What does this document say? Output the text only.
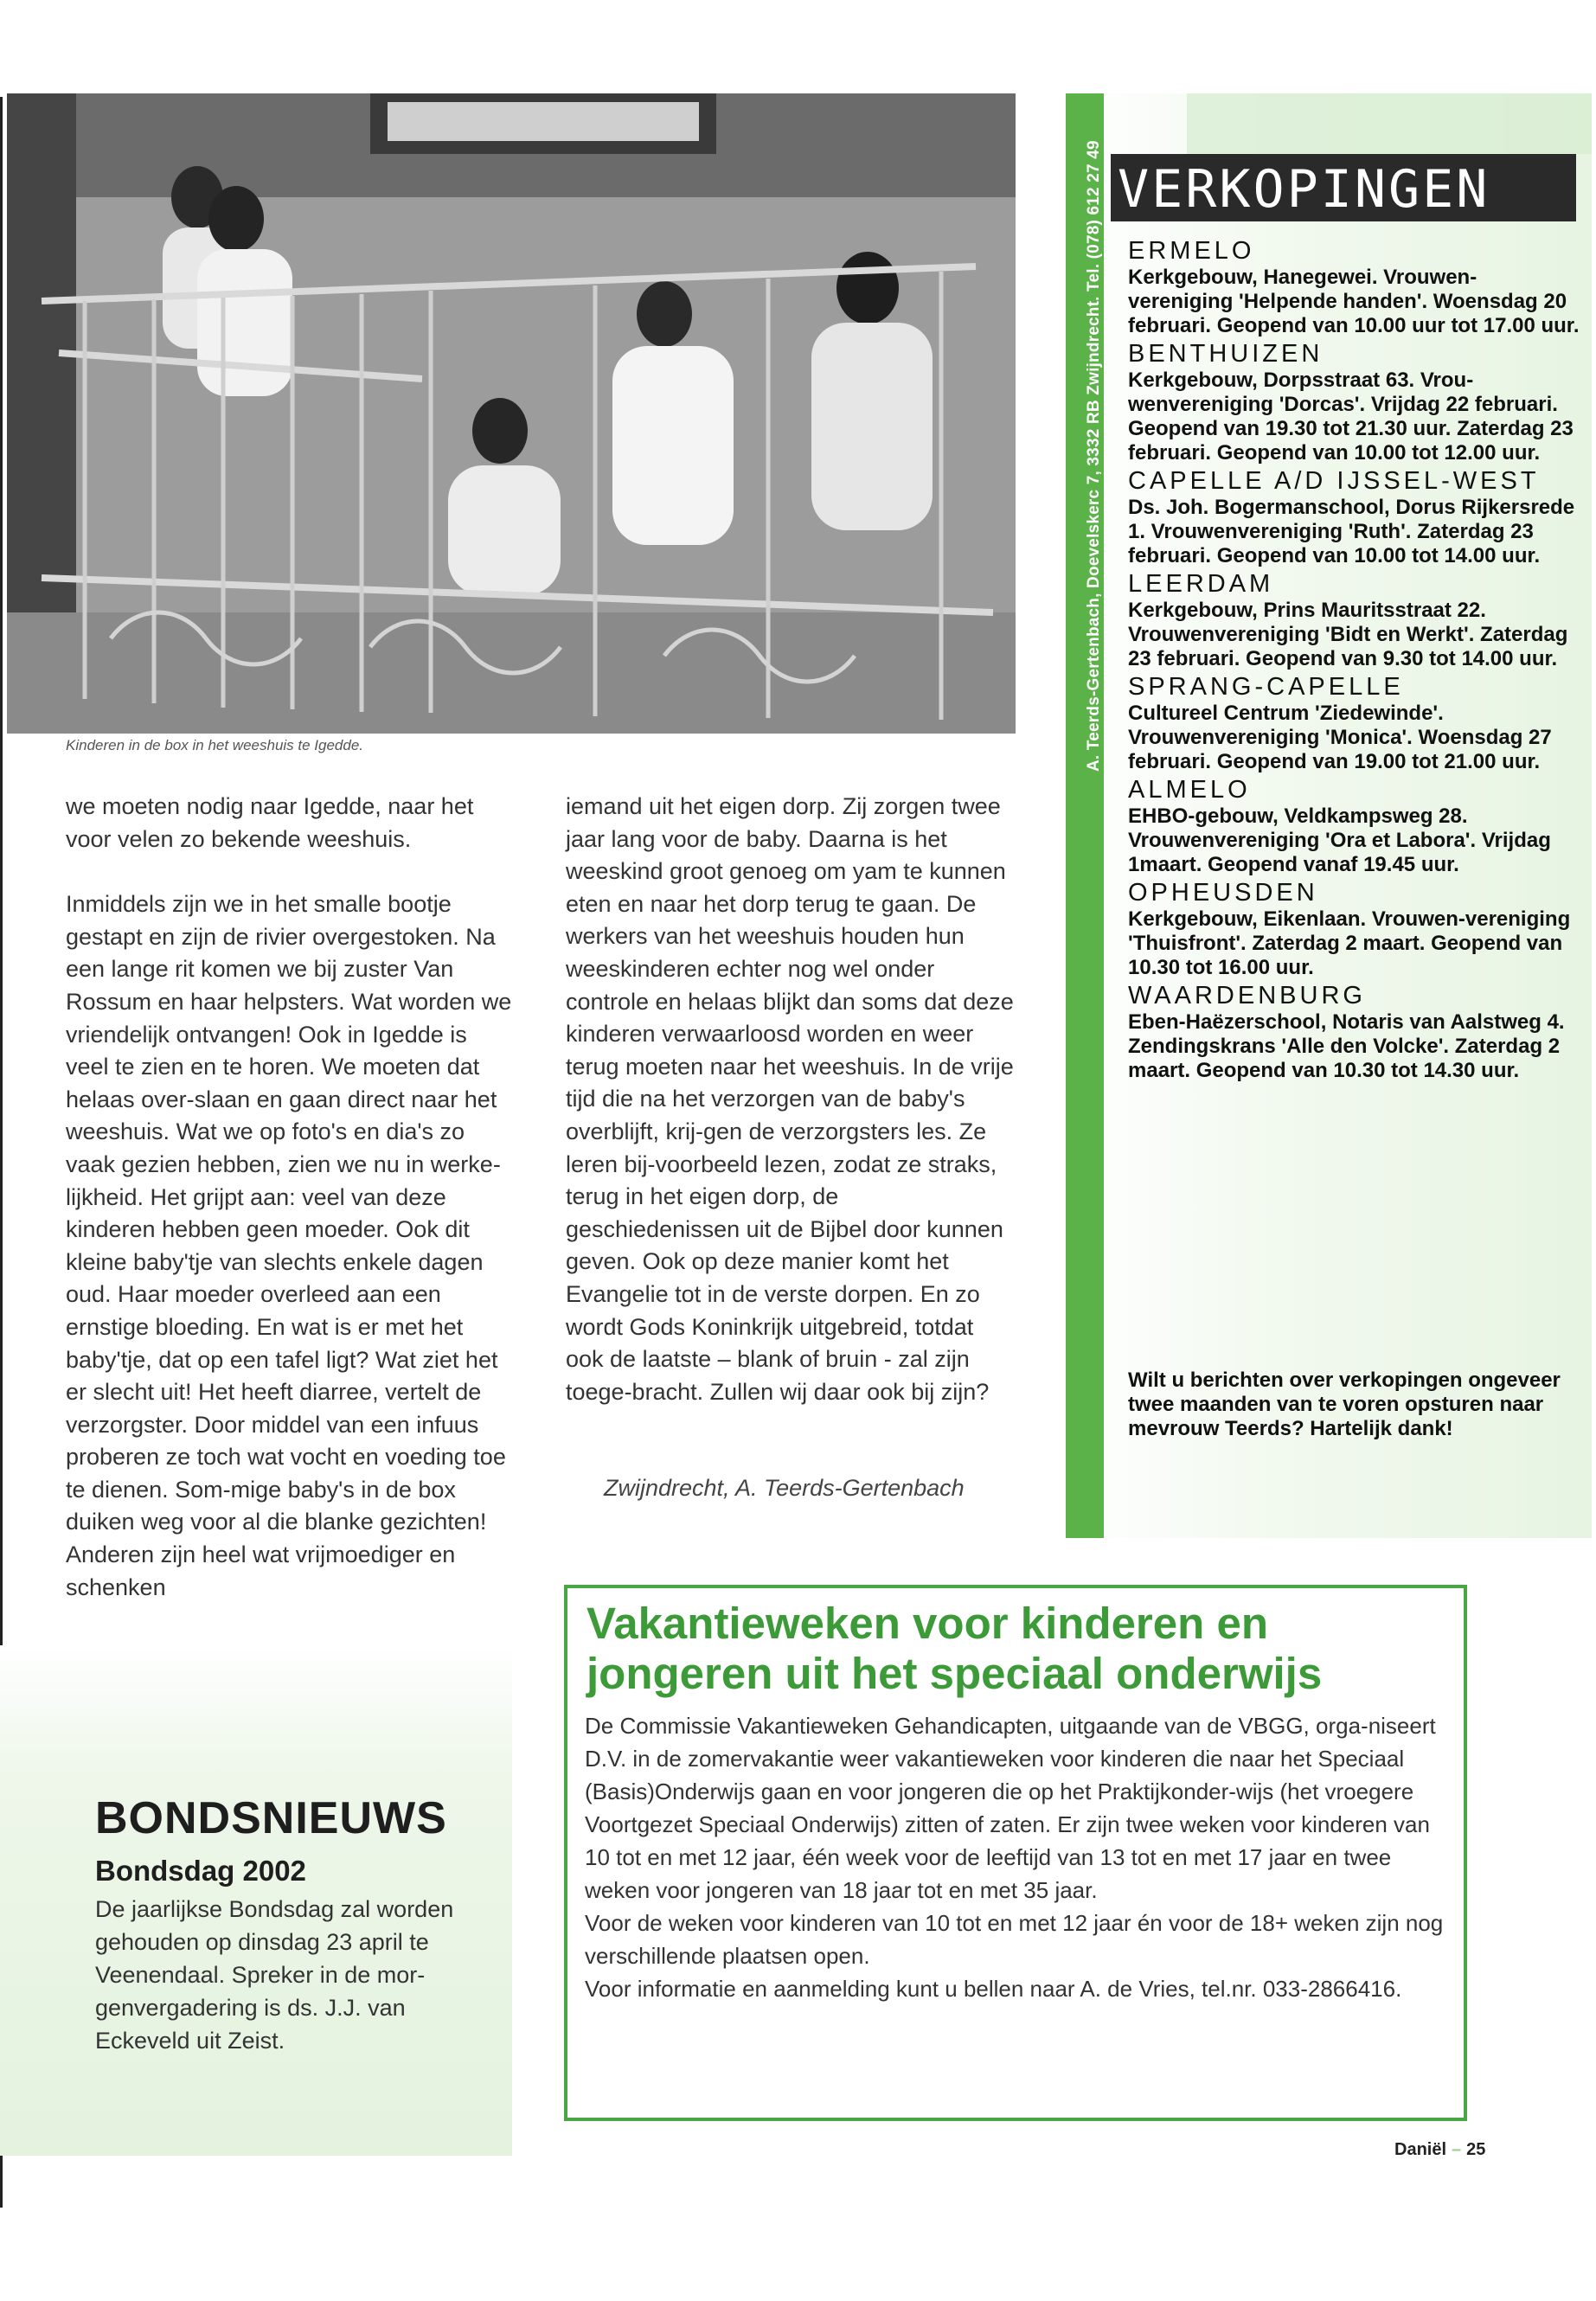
Kinderen in de box in het weeshuis te Igedde.

we moeten nodig naar Igedde, naar het voor velen zo bekende weeshuis.

Inmiddels zijn we in het smalle bootje gestapt en zijn de rivier overgestoken. Na een lange rit komen we bij zuster Van Rossum en haar helpsters. Wat worden we vriendelijk ontvangen! Ook in Igedde is veel te zien en te horen. We moeten dat helaas over-slaan en gaan direct naar het weeshuis. Wat we op foto's en dia's zo vaak gezien hebben, zien we nu in werke-lijkheid. Het grijpt aan: veel van deze kinderen hebben geen moeder. Ook dit kleine baby'tje van slechts enkele dagen oud. Haar moeder overleed aan een ernstige bloeding. En wat is er met het baby'tje, dat op een tafel ligt? Wat ziet het er slecht uit! Het heeft diarree, vertelt de verzorgster. Door middel van een infuus proberen ze toch wat vocht en voeding toe te dienen. Som-mige baby's in de box duiken weg voor al die blanke gezichten! Anderen zijn heel wat vrijmoediger en schenken

iemand uit het eigen dorp. Zij zorgen twee jaar lang voor de baby. Daarna is het weeskind groot genoeg om yam te kunnen eten en naar het dorp terug te gaan. De werkers van het weeshuis houden hun weeskinderen echter nog wel onder controle en helaas blijkt dan soms dat deze kinderen verwaarloosd worden en weer terug moeten naar het weeshuis. In de vrije tijd die na het verzorgen van de baby's overblijft, krij-gen de verzorgsters les. Ze leren bij-voorbeeld lezen, zodat ze straks, terug in het eigen dorp, de geschiedenissen uit de Bijbel door kunnen geven. Ook op deze manier komt het Evangelie tot in de verste dorpen. En zo wordt Gods Koninkrijk uitgebreid, totdat ook de laatste – blank of bruin - zal zijn toege-bracht. Zullen wij daar ook bij zijn?

Zwijndrecht, A. Teerds-Gertenbach
A. Teerds-Gertenbach, Doevelskerc 7, 3332 RB Zwijndrecht. Tel. (078) 612 27 49 VERKOPINGEN
ERMELO
Kerkgebouw, Hanegewei. Vrouwen-vereniging 'Helpende handen'. Woensdag 20 februari. Geopend van 10.00 uur tot 17.00 uur.
BENTHUIZEN
Kerkgebouw, Dorpsstraat 63. Vrou-wenvereniging 'Dorcas'. Vrijdag 22 februari. Geopend van 19.30 tot 21.30 uur. Zaterdag 23 februari. Geopend van 10.00 tot 12.00 uur.
CAPELLE A/D IJSSEL-WEST
Ds. Joh. Bogermanschool, Dorus Rijkersrede 1. Vrouwenvereniging 'Ruth'. Zaterdag 23 februari. Geopend van 10.00 tot 14.00 uur.
LEERDAM
Kerkgebouw, Prins Mauritsstraat 22. Vrouwenvereniging 'Bidt en Werkt'. Zaterdag 23 februari. Geopend van 9.30 tot 14.00 uur.
SPRANG-CAPELLE
Cultureel Centrum 'Ziedewinde'. Vrouwenvereniging 'Monica'. Woensdag 27 februari. Geopend van 19.00 tot 21.00 uur.
ALMELO
EHBO-gebouw, Veldkampsweg 28. Vrouwenvereniging 'Ora et Labora'. Vrijdag 1maart. Geopend vanaf 19.45 uur.
OPHEUSDEN
Kerkgebouw, Eikenlaan. Vrouwen-vereniging 'Thuisfront'. Zaterdag 2 maart. Geopend van 10.30 tot 16.00 uur.
WAARDENBURG
Eben-Haëzerschool, Notaris van Aalstweg 4. Zendingskrans 'Alle den Volcke'. Zaterdag 2 maart. Geopend van 10.30 tot 14.30 uur.
Wilt u berichten over verkopingen ongeveer twee maanden van te voren opsturen naar mevrouw Teerds? Hartelijk dank!
BONDSNIEUWS
Bondsdag 2002
De jaarlijkse Bondsdag zal worden gehouden op dinsdag 23 april te Veenendaal. Spreker in de mor-genvergadering is ds. J.J. van Eckeveld uit Zeist.
Vakantieweken voor kinderen en jongeren uit het speciaal onderwijs

De Commissie Vakantieweken Gehandicapten, uitgaande van de VBGG, orga-niseert D.V. in de zomervakantie weer vakantieweken voor kinderen die naar het Speciaal (Basis)Onderwijs gaan en voor jongeren die op het Praktijkonder-wijs (het vroegere Voortgezet Speciaal Onderwijs) zitten of zaten. Er zijn twee weken voor kinderen van 10 tot en met 12 jaar, één week voor de leeftijd van 13 tot en met 17 jaar en twee weken voor jongeren van 18 jaar tot en met 35 jaar.

Voor de weken voor kinderen van 10 tot en met 12 jaar én voor de 18+ weken zijn nog verschillende plaatsen open.

Voor informatie en aanmelding kunt u bellen naar A. de Vries, tel.nr. 033-2866416.

Daniël – 25
